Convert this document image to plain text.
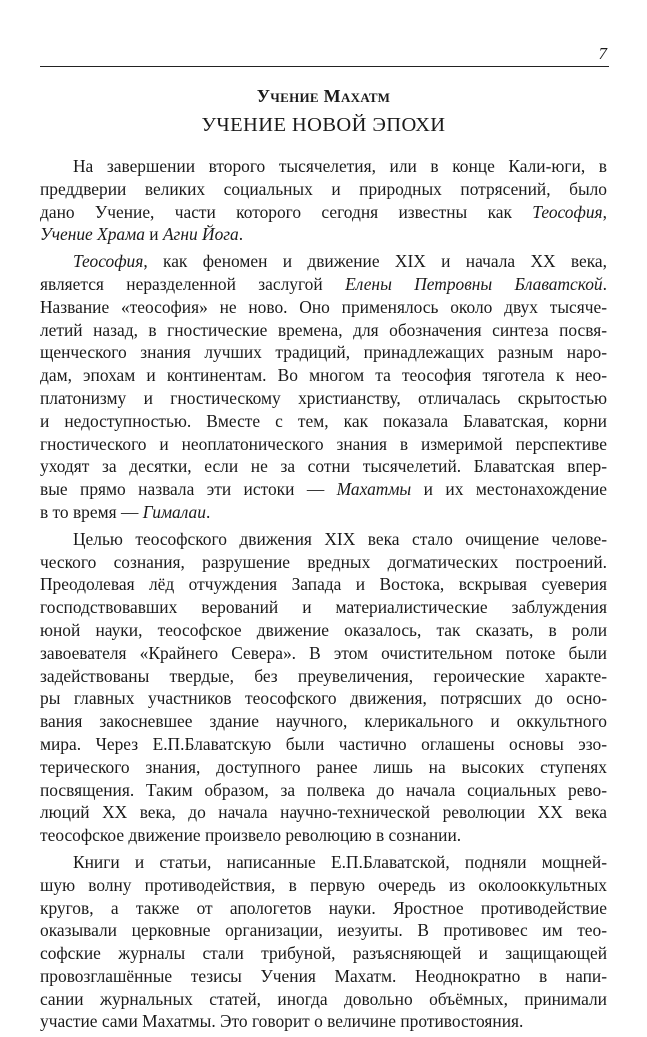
7
Учение Махатм
УЧЕНИЕ НОВОЙ ЭПОХИ

На завершении второго тысячелетия, или в конце Кали-юги, в
преддверии великих социальных и природных потрясений, было
дано Учение, части которого сегодня известны как Теософия,
Учение Храма и Агни Йога.

Теософия, как феномен и движение XIX и начала XX века,
является неразделенной заслугой Елены Петровны Блаватской.
Название «теософия» не ново. Оно применялось около двух тысяче-
летий назад, в гностические времена, для обозначения синтеза посвя-
щенческого знания лучших традиций, принадлежащих разным наро-
дам, эпохам и континентам. Во многом та теософия тяготела к нео-
платонизму и гностическому христианству, отличалась скрытостью
и недоступностью. Вместе с тем, как показала Блаватская, корни
гностического и неоплатонического знания в измеримой перспективе
уходят за десятки, если не за сотни тысячелетий. Блаватская впер-
вые прямо назвала эти истоки — Махатмы и их местонахождение
в то время — Гималаи.

Целью теософского движения XIX века стало очищение челове-
ческого сознания, разрушение вредных догматических построений.
Преодолевая лёд отчуждения Запада и Востока, вскрывая суеверия
господствовавших верований и материалистические заблуждения
юной науки, теософское движение оказалось, так сказать, в роли
завоевателя «Крайнего Севера». В этом очистительном потоке были
задействованы твердые, без преувеличения, героические характе-
ры главных участников теософского движения, потрясших до осно-
вания закосневшее здание научного, клерикального и оккультного
мира. Через Е.П.Блаватскую были частично оглашены основы эзо-
терического знания, доступного ранее лишь на высоких ступенях
посвящения. Таким образом, за полвека до начала социальных рево-
люций XX века, до начала научно-технической революции XX века
теософское движение произвело революцию в сознании.

Книги и статьи, написанные Е.П.Блаватской, подняли мощней-
шую волну противодействия, в первую очередь из околооккультных
кругов, а также от апологетов науки. Яростное противодействие
оказывали церковные организации, иезуиты. В противовес им тео-
софские журналы стали трибуной, разъясняющей и защищающей
провозглашённые тезисы Учения Махатм. Неоднократно в напи-
сании журнальных статей, иногда довольно объёмных, принимали
участие сами Махатмы. Это говорит о величине противостояния.
